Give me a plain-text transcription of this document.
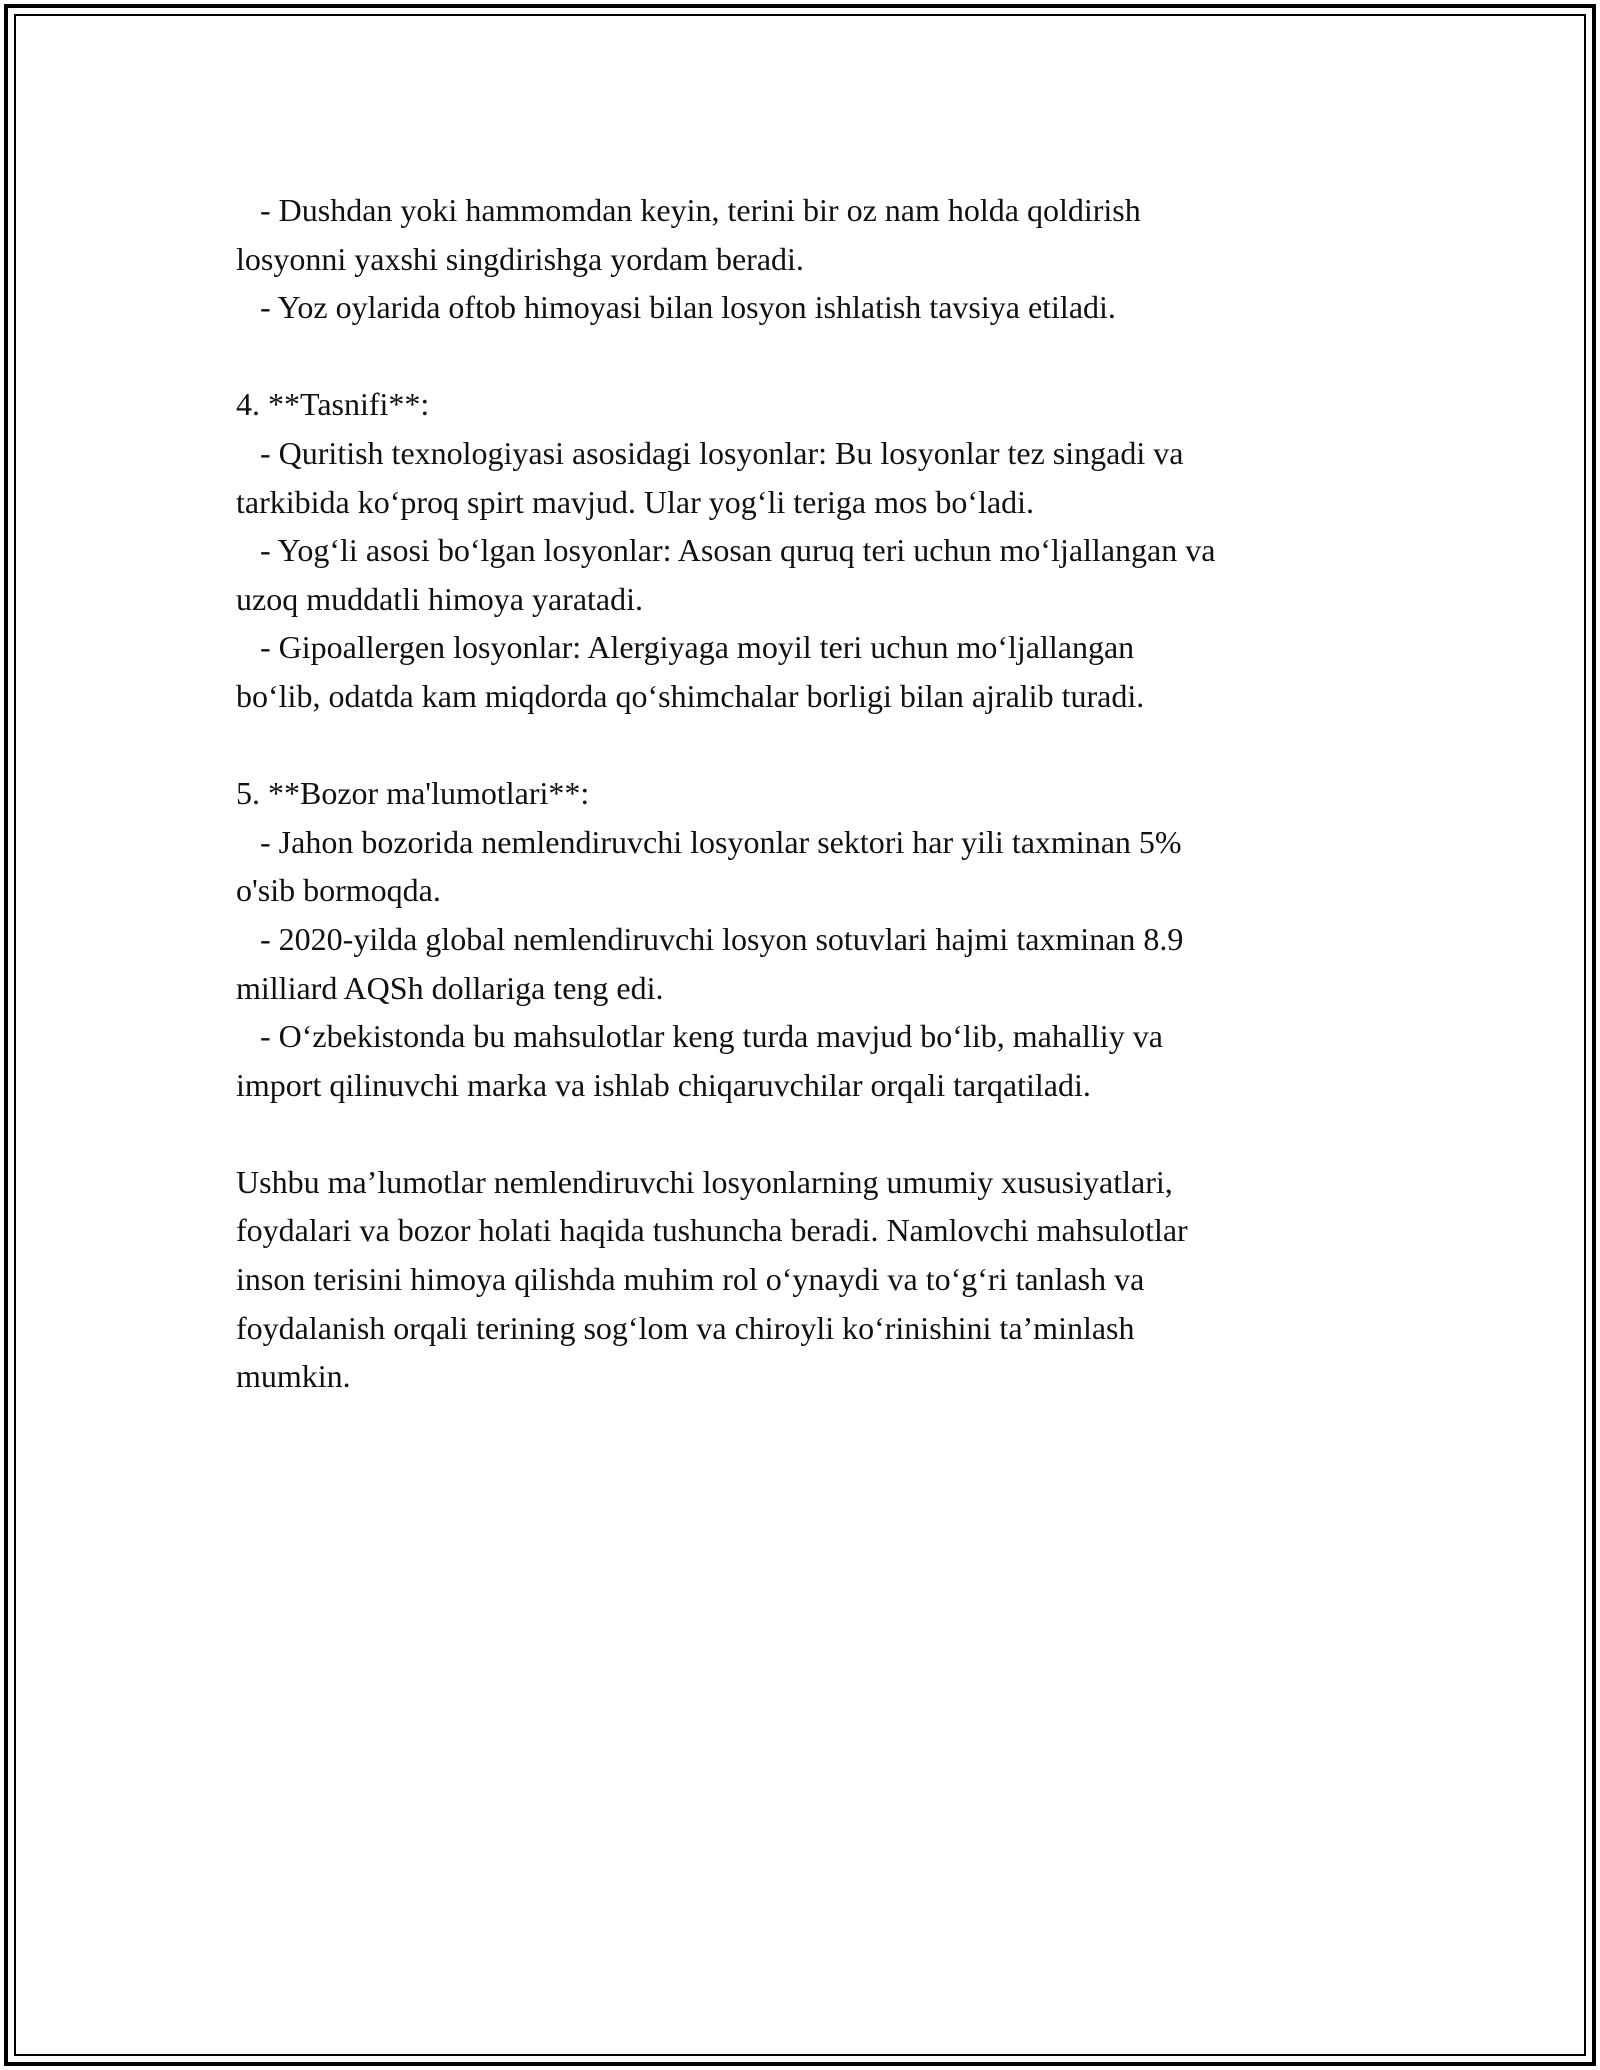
- Dushdan yoki hammomdan keyin, terini bir oz nam holda qoldirish
losyonni yaxshi singdirishga yordam beradi.
- Yoz oylarida oftob himoyasi bilan losyon ishlatish tavsiya etiladi.
4. **Tasnifi**:
- Quritish texnologiyasi asosidagi losyonlar: Bu losyonlar tez singadi va
tarkibida ko‘proq spirt mavjud. Ular yog‘li teriga mos bo‘ladi.
- Yog‘li asosi bo‘lgan losyonlar: Asosan quruq teri uchun mo‘ljallangan va
uzoq muddatli himoya yaratadi.
- Gipoallergen losyonlar: Alergiyaga moyil teri uchun mo‘ljallangan
bo‘lib, odatda kam miqdorda qo‘shimchalar borligi bilan ajralib turadi.
5. **Bozor ma'lumotlari**:
- Jahon bozorida nemlendiruvchi losyonlar sektori har yili taxminan 5%
o'sib bormoqda.
- 2020-yilda global nemlendiruvchi losyon sotuvlari hajmi taxminan 8.9
milliard AQSh dollariga teng edi.
- O‘zbekistonda bu mahsulotlar keng turda mavjud bo‘lib, mahalliy va
import qilinuvchi marka va ishlab chiqaruvchilar orqali tarqatiladi.
Ushbu ma’lumotlar nemlendiruvchi losyonlarning umumiy xususiyatlari,
foydalari va bozor holati haqida tushuncha beradi. Namlovchi mahsulotlar
inson terisini himoya qilishda muhim rol o‘ynaydi va to‘g‘ri tanlash va
foydalanish orqali terining sog‘lom va chiroyli ko‘rinishini ta’minlash
mumkin.
